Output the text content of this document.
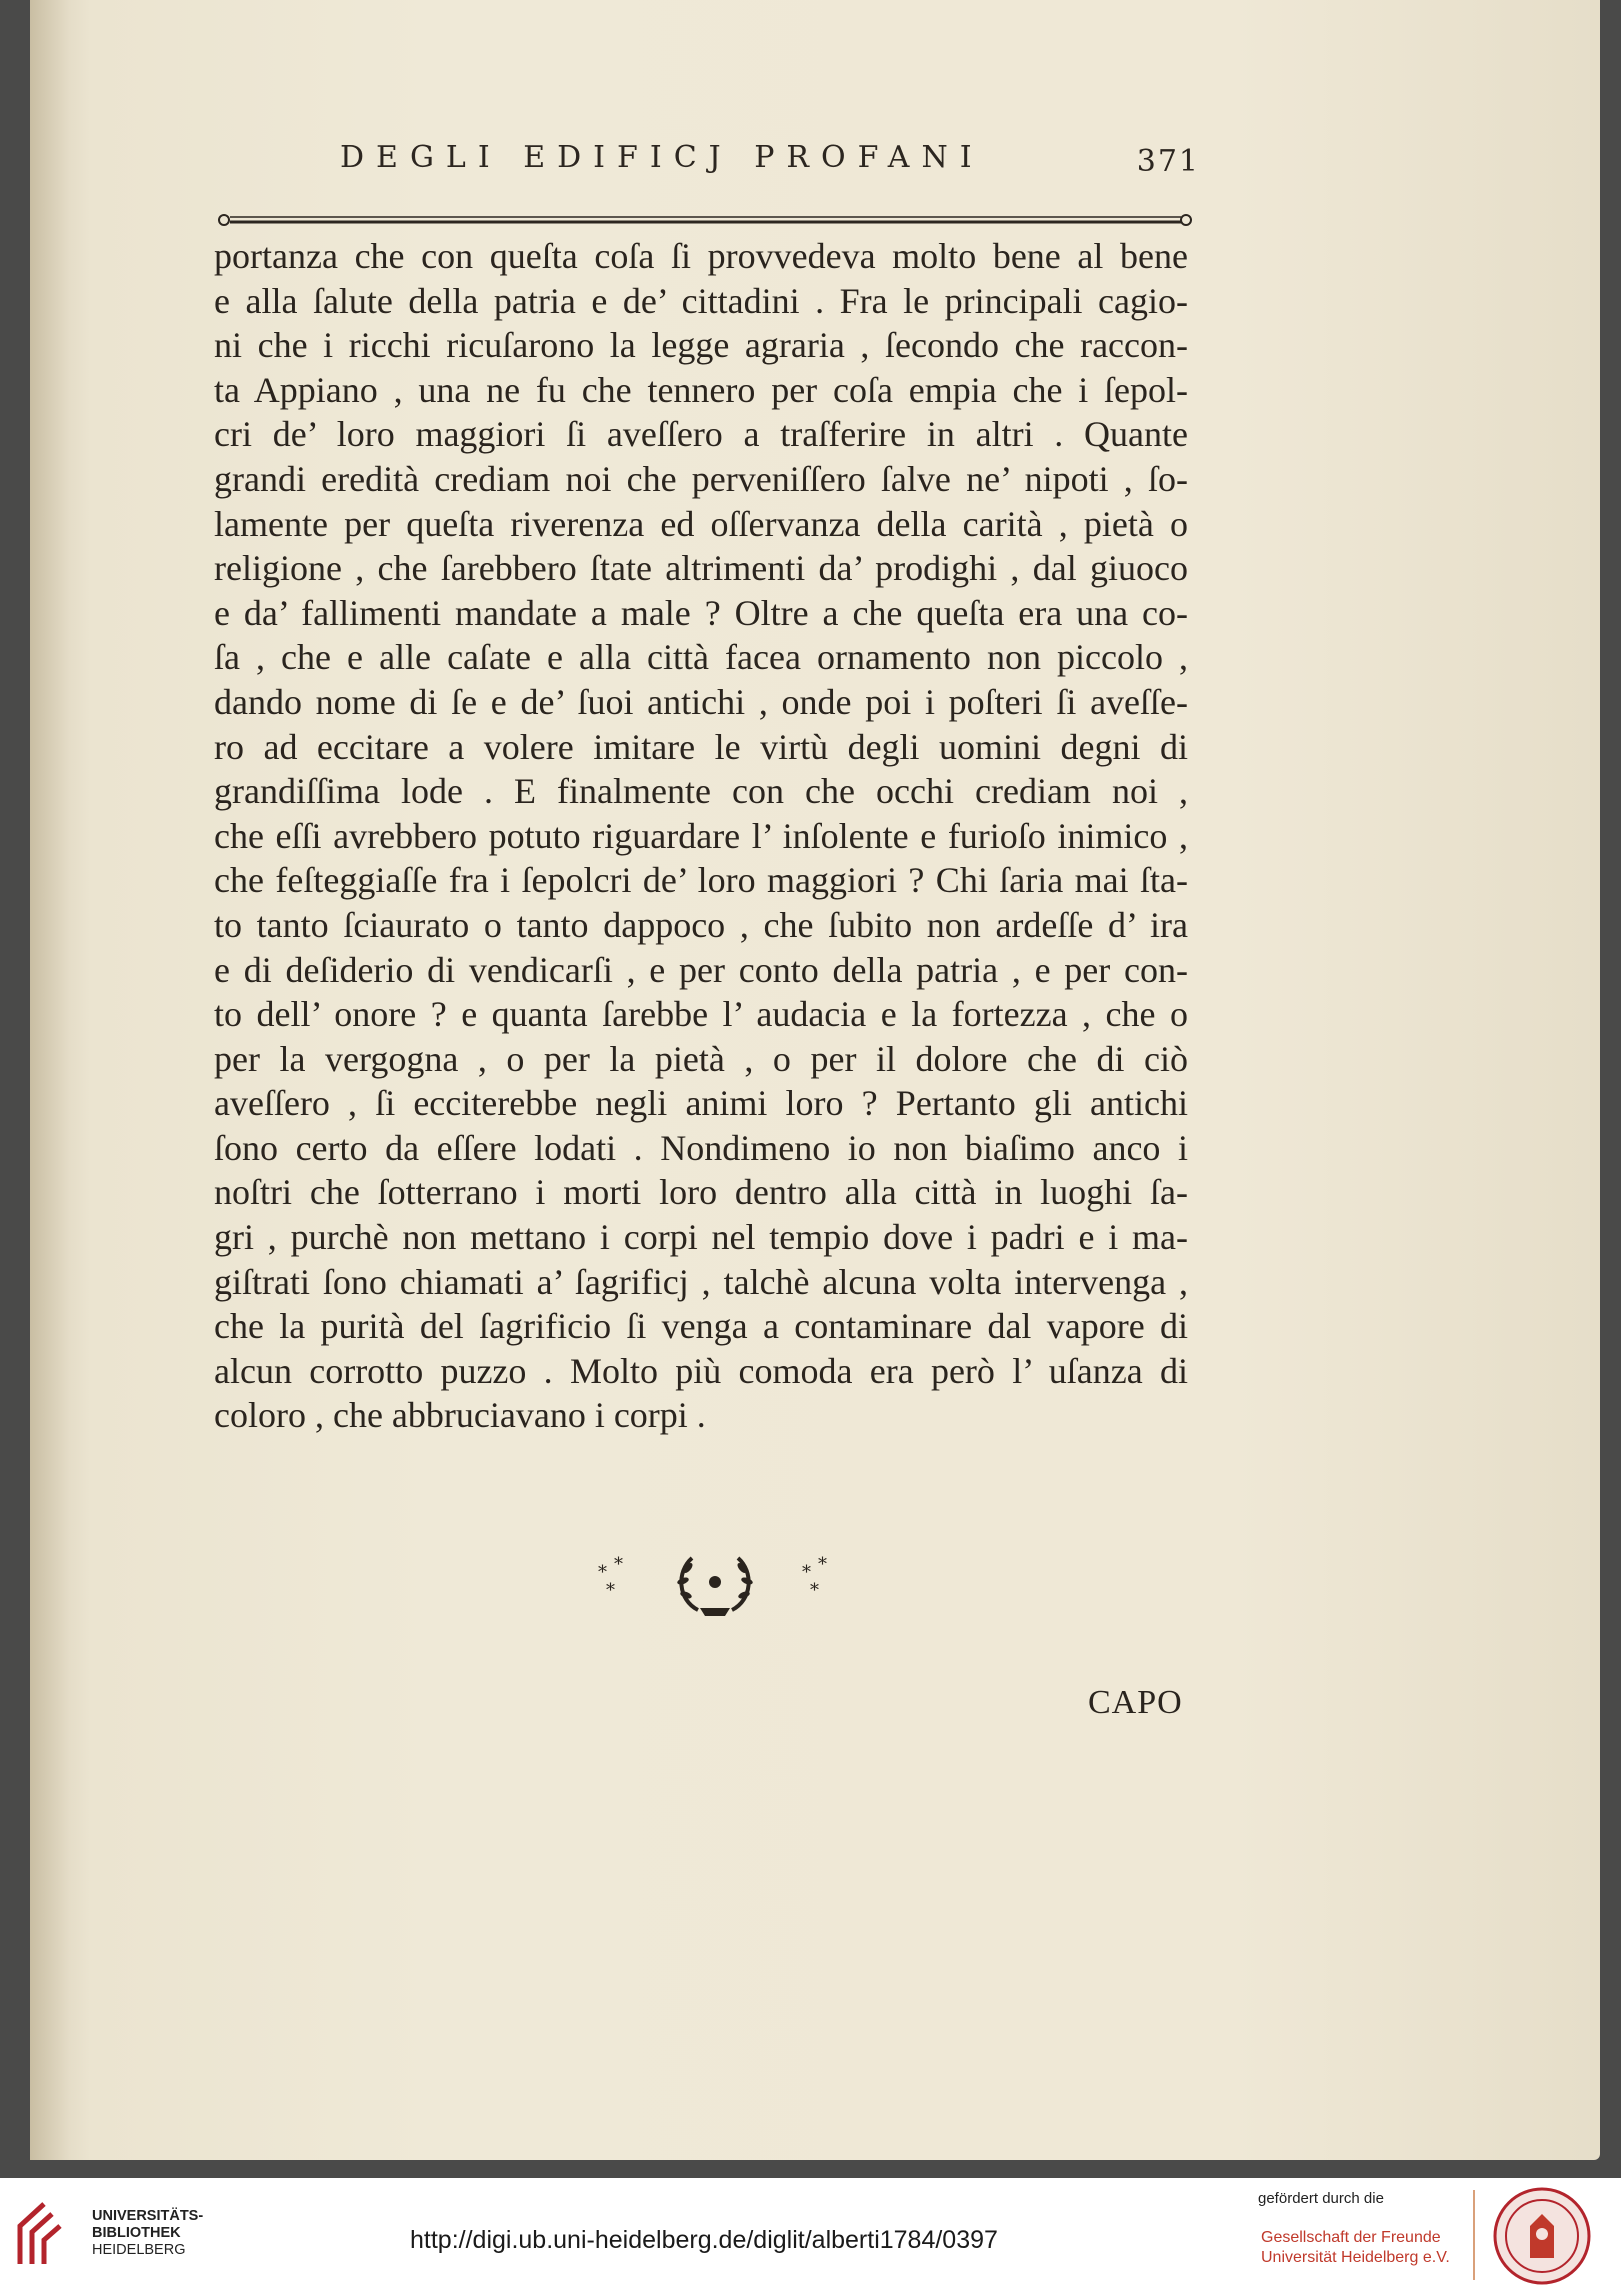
DEGLI EDIFICJ PROFANI	371
portanza che con queſta coſa ſi provvedeva molto bene al bene
e alla ſalute della patria e de’ cittadini . Fra le principali cagio-
ni che i ricchi ricuſarono la legge agraria , ſecondo che raccon-
ta Appiano , una ne fu che tennero per coſa empia che i ſepol-
cri de’ loro maggiori ſi aveſſero a traſferire in altri . Quante
grandi eredità crediam noi che perveniſſero ſalve ne’ nipoti , ſo-
lamente per queſta riverenza ed oſſervanza della carità , pietà o
religione , che ſarebbero ſtate altrimenti da’ prodighi , dal giuoco
e da’ fallimenti mandate a male ? Oltre a che queſta era una co-
ſa , che e alle caſate e alla città facea ornamento non piccolo ,
dando nome di ſe e de’ ſuoi antichi , onde poi i poſteri ſi aveſſe-
ro ad eccitare a volere imitare le virtù degli uomini degni di
grandiſſima lode . E finalmente con che occhi crediam noi ,
che eſſi avrebbero potuto riguardare l’ inſolente e furioſo inimico ,
che feſteggiaſſe fra i ſepolcri de’ loro maggiori ? Chi ſaria mai ſta-
to tanto ſciaurato o tanto dappoco , che ſubito non ardeſſe d’ ira
e di deſiderio di vendicarſi , e per conto della patria , e per con-
to dell’ onore ? e quanta ſarebbe l’ audacia e la fortezza , che o
per la vergogna , o per la pietà , o per il dolore che di ciò
aveſſero , ſi ecciterebbe negli animi loro ? Pertanto gli antichi
ſono certo da eſſere lodati . Nondimeno io non biaſimo anco i
noſtri che ſotterrano i morti loro dentro alla città in luoghi ſa-
gri , purchè non mettano i corpi nel tempio dove i padri e i ma-
giſtrati ſono chiamati a’ ſagrificj , talchè alcuna volta intervenga ,
che la purità del ſagrificio ſi venga a contaminare dal vapore di
alcun corrotto puzzo . Molto più comoda era però l’ uſanza di
coloro , che abbruciavano i corpi .
* *
*
* *
*
CAPO
UNIVERSITÄTS-
BIBLIOTHEK
HEIDELBERG	http://digi.ub.uni-heidelberg.de/diglit/alberti1784/0397
gefördert durch die
Gesellschaft der Freunde
Universität Heidelberg e.V.
